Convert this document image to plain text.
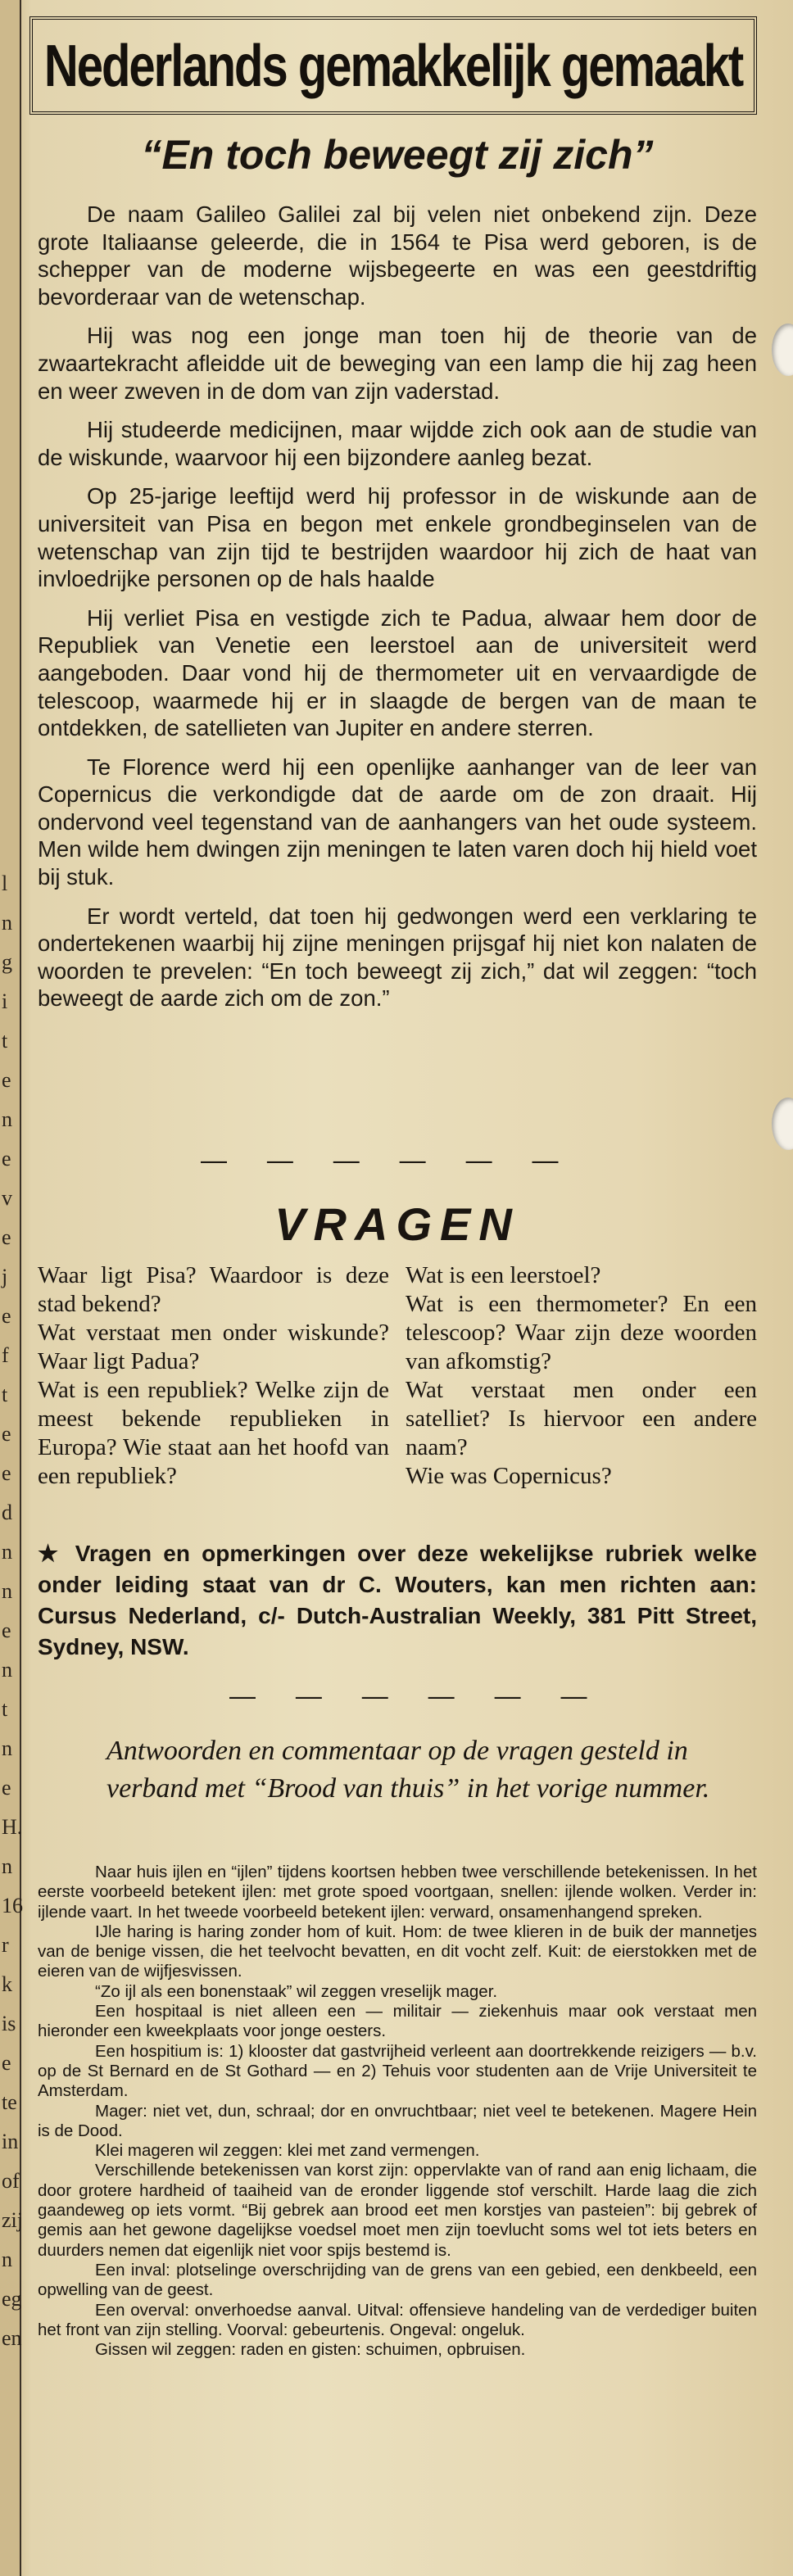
l
n
g
i
t
e
n
e
v
e
j
e
f
t
e
e
d
n
n
e
n
t
n
e
H.
n
16
r
k
is
e
te
in
of
zij
n
eg
en
Nederlands gemakkelijk gemaakt
“En toch beweegt zij zich”

De naam Galileo Galilei zal bij velen niet onbekend zijn. Deze grote Italiaanse geleerde, die in 1564 te Pisa werd geboren, is de schepper van de moderne wijsbegeerte en was een geestdriftig bevorderaar van de wetenschap.

Hij was nog een jonge man toen hij de theorie van de zwaartekracht afleidde uit de beweging van een lamp die hij zag heen en weer zweven in de dom van zijn vaderstad.

Hij studeerde medicijnen, maar wijdde zich ook aan de studie van de wiskunde, waarvoor hij een bijzondere aanleg bezat.

Op 25-jarige leeftijd werd hij professor in de wiskunde aan de universiteit van Pisa en begon met enkele grondbeginselen van de wetenschap van zijn tijd te bestrijden waardoor hij zich de haat van invloedrijke personen op de hals haalde

Hij verliet Pisa en vestigde zich te Padua, alwaar hem door de Republiek van Venetie een leerstoel aan de universiteit werd aangeboden. Daar vond hij de thermometer uit en vervaardigde de telescoop, waarmede hij er in slaagde de bergen van de maan te ontdekken, de satellieten van Jupiter en andere sterren.

Te Florence werd hij een openlijke aanhanger van de leer van Copernicus die verkondigde dat de aarde om de zon draait. Hij ondervond veel tegenstand van de aanhangers van het oude systeem. Men wilde hem dwingen zijn meningen te laten varen doch hij hield voet bij stuk.

Er wordt verteld, dat toen hij gedwongen werd een verklaring te ondertekenen waarbij hij zijne meningen prijsgaf hij niet kon nalaten de woorden te prevelen: “En toch beweegt zij zich,” dat wil zeggen: “toch beweegt de aarde zich om de zon.”

— — — — — —
VRAGEN

Waar ligt Pisa? Waardoor is deze stad bekend?

Wat verstaat men onder wiskunde? Waar ligt Padua?

Wat is een republiek? Welke zijn de meest bekende republieken in Europa? Wie staat aan het hoofd van een republiek?

Wat is een leerstoel?

Wat is een thermometer? En een telescoop? Waar zijn deze woorden van afkomstig?

Wat verstaat men onder een satelliet? Is hiervoor een andere naam?

Wie was Copernicus?

★ Vragen en opmerkingen over deze wekelijkse rubriek welke onder leiding staat van dr C. Wouters, kan men richten aan: Cursus Nederland, c/- Dutch-Australian Weekly, 381 Pitt Street, Sydney, NSW.
— — — — — —
Antwoorden en commentaar op de vragen gesteld in verband met “Brood van thuis” in het vorige nummer.

Naar huis ijlen en “ijlen” tijdens koortsen hebben twee verschillende betekenissen. In het eerste voorbeeld betekent ijlen: met grote spoed voortgaan, snellen: ijlende wolken. Verder in: ijlende vaart. In het tweede voorbeeld betekent ijlen: verward, onsamenhangend spreken.

IJle haring is haring zonder hom of kuit. Hom: de twee klieren in de buik der mannetjes van de benige vissen, die het teelvocht bevatten, en dit vocht zelf. Kuit: de eierstokken met de eieren van de wijfjesvissen.

“Zo ijl als een bonenstaak” wil zeggen vreselijk mager.

Een hospitaal is niet alleen een — militair — ziekenhuis maar ook verstaat men hieronder een kweekplaats voor jonge oesters.

Een hospitium is: 1) klooster dat gastvrijheid verleent aan doortrekkende reizigers — b.v. op de St Bernard en de St Gothard — en 2) Tehuis voor studenten aan de Vrije Universiteit te Amsterdam.

Mager: niet vet, dun, schraal; dor en onvruchtbaar; niet veel te betekenen. Magere Hein is de Dood.

Klei mageren wil zeggen: klei met zand vermengen.

Verschillende betekenissen van korst zijn: oppervlakte van of rand aan enig lichaam, die door grotere hardheid of taaiheid van de eronder liggende stof verschilt. Harde laag die zich gaandeweg op iets vormt. “Bij gebrek aan brood eet men korstjes van pasteien”: bij gebrek of gemis aan het gewone dagelijkse voedsel moet men zijn toevlucht soms wel tot iets beters en duurders nemen dat eigenlijk niet voor spijs bestemd is.

Een inval: plotselinge overschrijding van de grens van een gebied, een denkbeeld, een opwelling van de geest.

Een overval: onverhoedse aanval. Uitval: offensieve handeling van de verdediger buiten het front van zijn stelling. Voorval: gebeurtenis. Ongeval: ongeluk.

Gissen wil zeggen: raden en gisten: schuimen, opbruisen.
